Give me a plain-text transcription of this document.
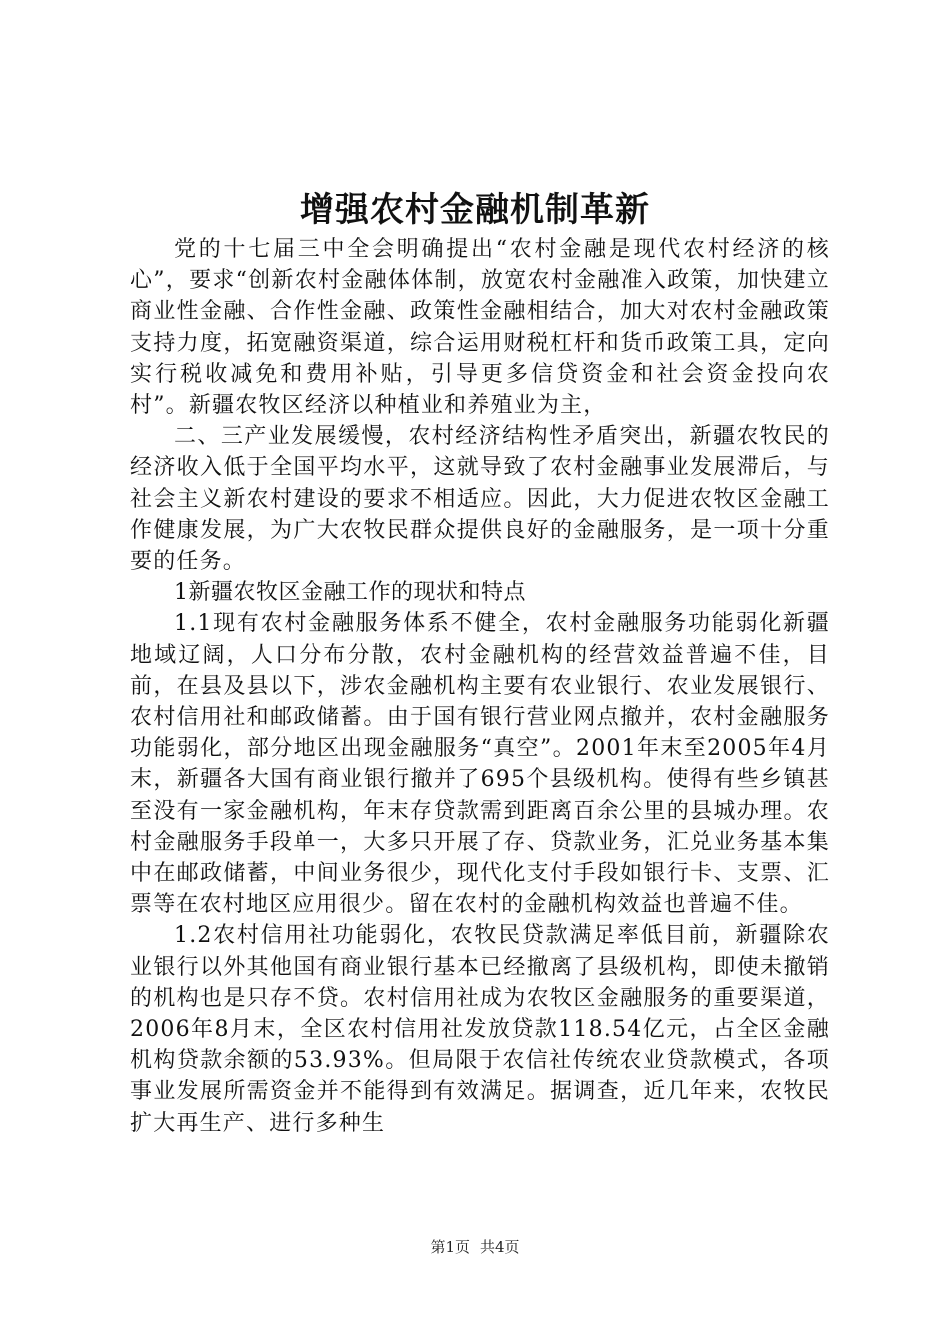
增强农村金融机制革新

党的十七届三中全会明确提出“农村金融是现代农村经济的核心”，要求“创新农村金融体体制，放宽农村金融准入政策，加快建立商业性金融、合作性金融、政策性金融相结合，加大对农村金融政策支持力度，拓宽融资渠道，综合运用财税杠杆和货币政策工具，定向实行税收减免和费用补贴，引导更多信贷资金和社会资金投向农村”。新疆农牧区经济以种植业和养殖业为主，

二、三产业发展缓慢，农村经济结构性矛盾突出，新疆农牧民的经济收入低于全国平均水平，这就导致了农村金融事业发展滞后，与社会主义新农村建设的要求不相适应。因此，大力促进农牧区金融工作健康发展，为广大农牧民群众提供良好的金融服务，是一项十分重要的任务。

1新疆农牧区金融工作的现状和特点

1.1现有农村金融服务体系不健全，农村金融服务功能弱化新疆地域辽阔，人口分布分散，农村金融机构的经营效益普遍不佳，目前，在县及县以下，涉农金融机构主要有农业银行、农业发展银行、农村信用社和邮政储蓄。由于国有银行营业网点撤并，农村金融服务功能弱化，部分地区出现金融服务“真空”。2001年末至2005年4月末，新疆各大国有商业银行撤并了695个县级机构。使得有些乡镇甚至没有一家金融机构，年末存贷款需到距离百余公里的县城办理。农村金融服务手段单一，大多只开展了存、贷款业务，汇兑业务基本集中在邮政储蓄，中间业务很少，现代化支付手段如银行卡、支票、汇票等在农村地区应用很少。留在农村的金融机构效益也普遍不佳。

1.2农村信用社功能弱化，农牧民贷款满足率低目前，新疆除农业银行以外其他国有商业银行基本已经撤离了县级机构，即使未撤销的机构也是只存不贷。农村信用社成为农牧区金融服务的重要渠道，2006年8月末，全区农村信用社发放贷款118.54亿元，占全区金融机构贷款余额的53.93%。但局限于农信社传统农业贷款模式，各项事业发展所需资金并不能得到有效满足。据调查，近几年来，农牧民扩大再生产、进行多种生

第1页 共4页
